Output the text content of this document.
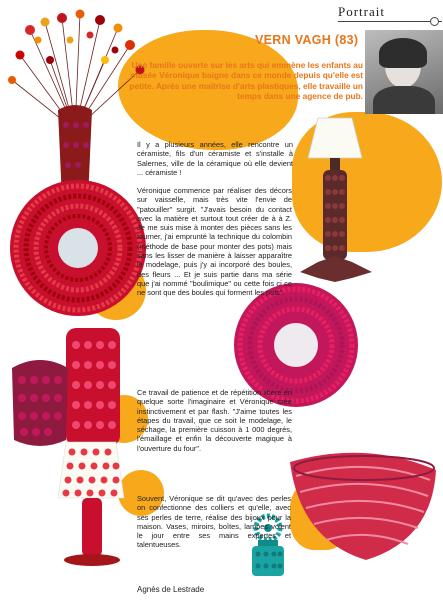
Portrait
VERN VAGH (83)
Une famille ouverte sur les arts qui emmène les enfants au musée Véronique baigne dans ce monde depuis qu'elle est petite. Après une maîtrise d'arts plastiques, elle travaille un temps dans une agence de pub.
Il y a plusieurs années, elle rencontre un céramiste, fils d'un céramiste et s'installe à Salernes, ville de la céramique où elle devient ... céramiste !
Véronique commence par réaliser des décors sur vaisselle, mais très vite l'envie de "patouiller" surgit. "J'avais besoin du contact avec la matière et surtout tout créer de à à Z. Je me suis mise à monter des pièces sans les tourner, j'ai emprunté la technique du colombin (méthode de base pour monter des pots) mais sans les lisser de manière à laisser apparaître le modelage, puis j'y ai incorporé des boules, des fleurs ... Et je suis partie dans ma série que j'ai nommé "boulimique" ou cette fois ci ce ne sont que des boules qui forment les pots".
Ce travail de patience et de répétition libère en quelque sorte l'imaginaire et Véronique crée instinctivement et par flash. "J'aime toutes les étapes du travail, que ce soit le modelage, le séchage, la première cuisson à 1 000 degrés, l'émaillage et enfin la découverte magique à l'ouverture du four".
Souvent, Véronique se dit qu'avec des perles on confectionne des colliers et qu'elle, avec ses perles de terre, réalise des bijoux pour la maison. Vases, miroirs, boîtes, lampes voient le jour entre ses mains expertes et talentueuses.
Agnès de Lestrade
